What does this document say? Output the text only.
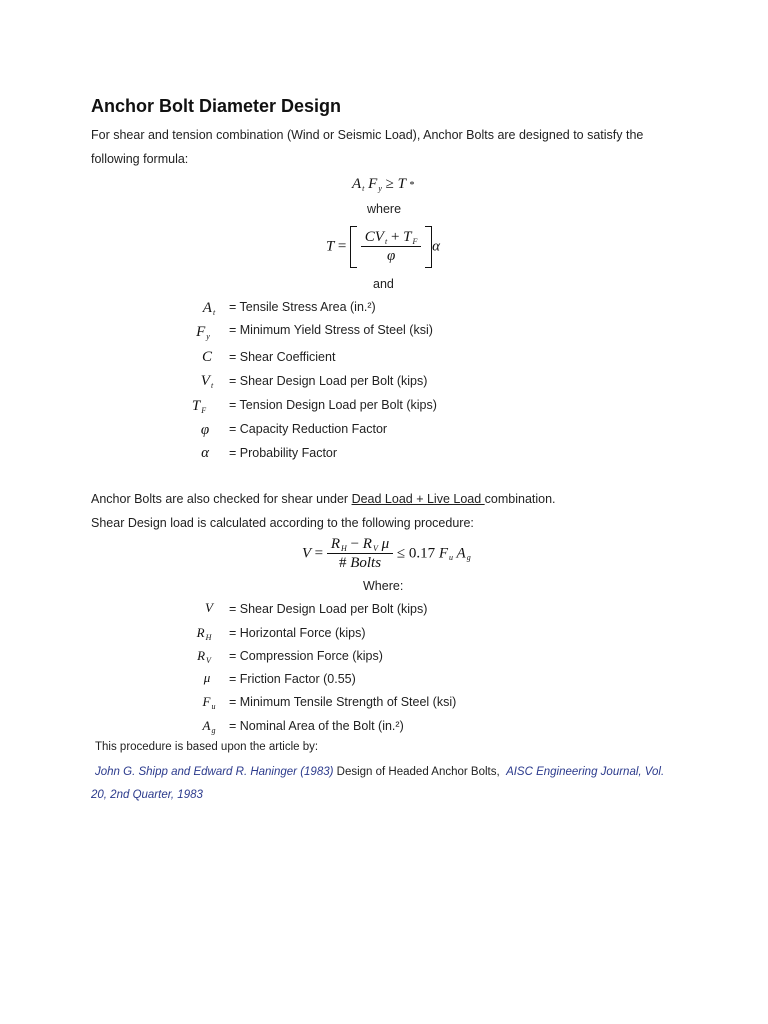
Anchor Bolt Diameter Design
For shear and tension combination (Wind or Seismic Load), Anchor Bolts are designed to satisfy the
following formula:
$A_t$ $F_y \ge T$ *
where
$T = \frac{CV_t + T_F}{\varphi}$ α
and
$A_t$	= Tensile Stress Area (in.²)
$F_y$	= Minimum Yield Stress of Steel (ksi)
C	= Shear Coefficient
$V_t$	= Shear Design Load per Bolt (kips)
$T_F$	= Tension Design Load per Bolt (kips)
φ	= Capacity Reduction Factor
α	= Probability Factor
Anchor Bolts are also checked for shear under Dead Load + Live Load combination.
Shear Design load is calculated according to the following procedure:
$V = \frac{R_H - R_V \mu}{\text{\# Bolts}} \le 0.17$ $F_u$ $A_g$
Where:
V	= Shear Design Load per Bolt (kips)
$R_H$	= Horizontal Force (kips)
$R_V$	= Compression Force (kips)
μ	= Friction Factor (0.55)
$F_u$	= Minimum Tensile Strength of Steel (ksi)
$A_g$	= Nominal Area of the Bolt (in.²)
This procedure is based upon the article by:
John G. Shipp and Edward R. Haninger (1983) Design of Headed Anchor Bolts, AISC Engineering Journal, Vol.
20, 2nd Quarter, 1983
